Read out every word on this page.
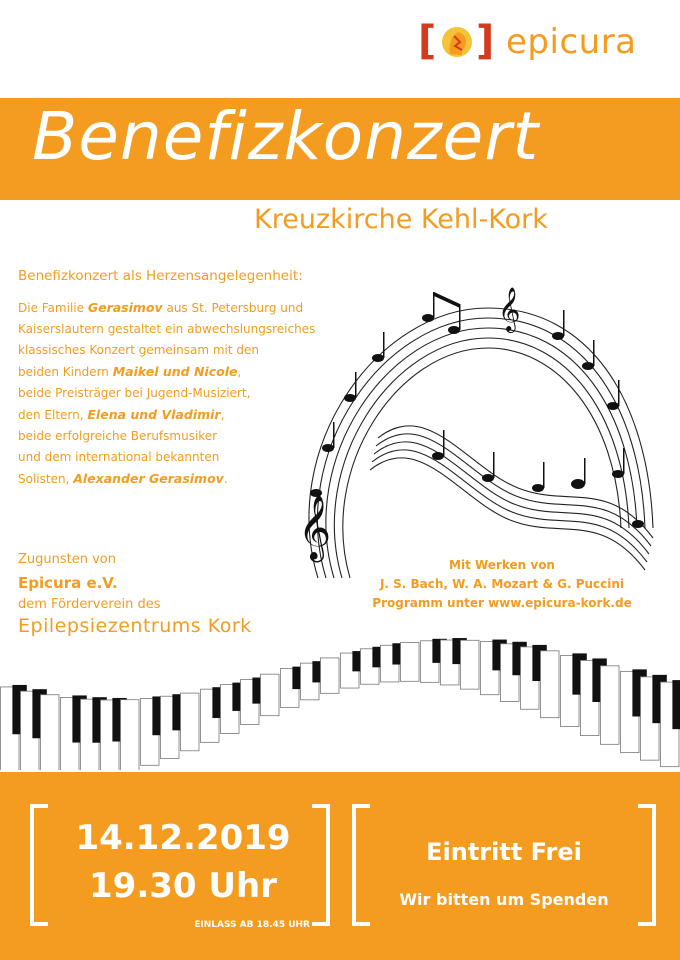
[ ] epicura
Benefizkonzert
Kreuzkirche Kehl-Kork
Benefizkonzert als Herzensangelegenheit:
Die Familie Gerasimov aus St. Petersburg und
Kaiserslautern gestaltet ein abwechslungsreiches
klassisches Konzert gemeinsam mit den
beiden Kindern Maikel und Nicole,
beide Preisträger bei Jugend-Musiziert,
den Eltern, Elena und Vladimir,
beide erfolgreiche Berufsmusiker
und dem international bekannten
Solisten, Alexander Gerasimov.
𝄞
𝄞
Zugunsten von
Epicura e.V.
dem Förderverein des
Epilepsiezentrums Kork
Mit Werken von
J. S. Bach, W. A. Mozart & G. Puccini
Programm unter www.epicura-kork.de
14.12.2019
19.30 Uhr
EINLASS AB 18.45 UHR
Eintritt Frei
Wir bitten um Spenden
